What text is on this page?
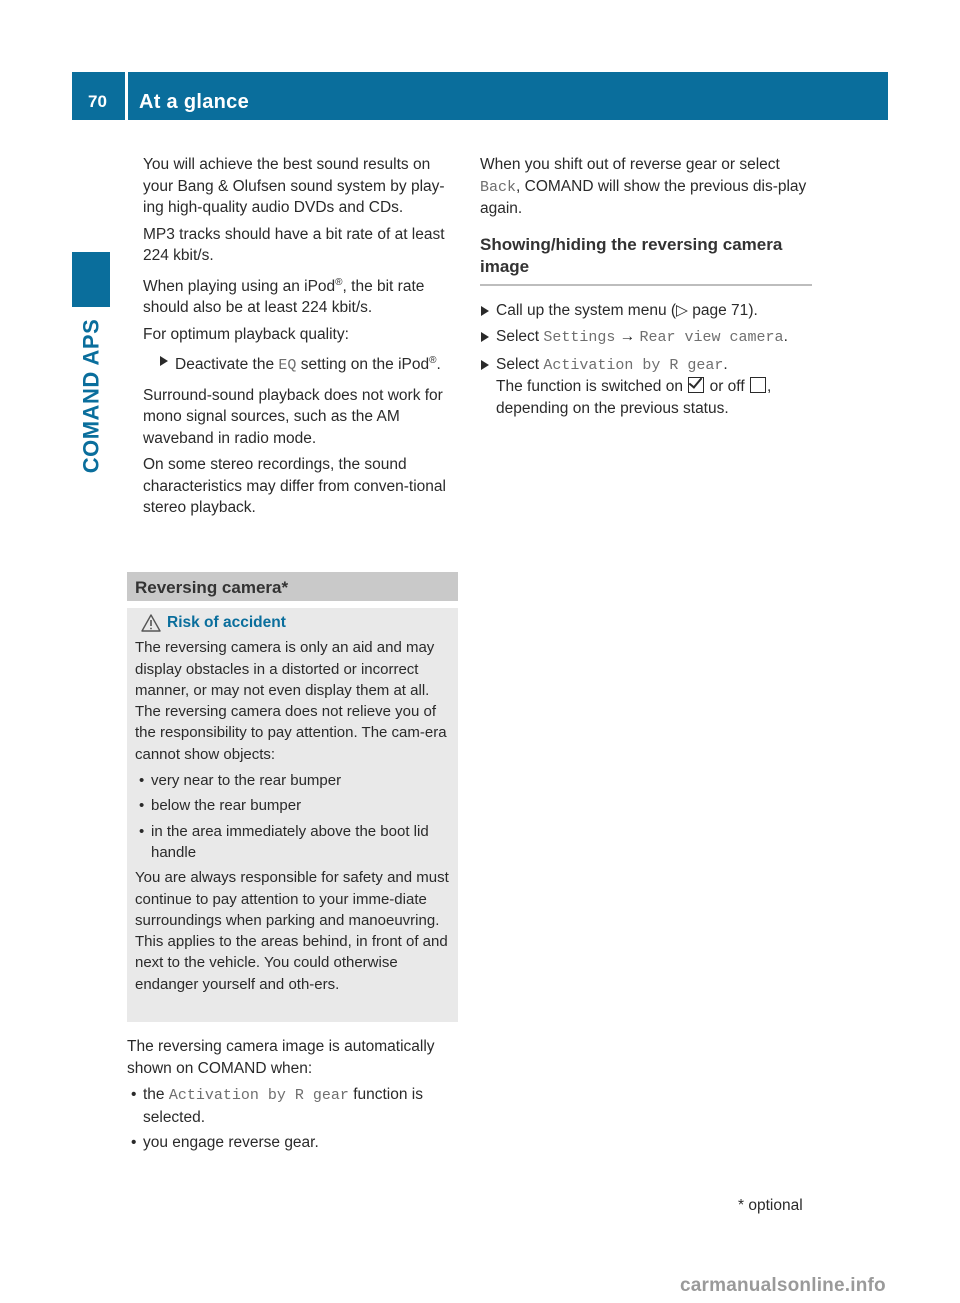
70	At a glance
COMAND APS

You will achieve the best sound results on your Bang & Olufsen sound system by play-ing high-quality audio DVDs and CDs.

MP3 tracks should have a bit rate of at least 224 kbit/s.

When playing using an iPod®, the bit rate should also be at least 224 kbit/s.

For optimum playback quality:

Deactivate the EQ setting on the iPod®.

Surround-sound playback does not work for mono signal sources, such as the AM waveband in radio mode.

On some stereo recordings, the sound characteristics may differ from conven-tional stereo playback.

Reversing camera*
Risk of accident

The reversing camera is only an aid and may display obstacles in a distorted or incorrect manner, or may not even display them at all. The reversing camera does not relieve you of the responsibility to pay attention. The cam-era cannot show objects:

• very near to the rear bumper
• below the rear bumper
• in the area immediately above the boot lid handle

You are always responsible for safety and must continue to pay attention to your imme-diate surroundings when parking and manoeuvring. This applies to the areas behind, in front of and next to the vehicle. You could otherwise endanger yourself and oth-ers.

The reversing camera image is automatically shown on COMAND when:

• the Activation by R gear function is selected.
• you engage reverse gear.

When you shift out of reverse gear or select Back, COMAND will show the previous dis-play again.

Showing/hiding the reversing camera image
Call up the system menu (▷ page 71).
Select Settings → Rear view camera.
Select Activation by R gear.
The function is switched on  or off , depending on the previous status.
* optional
carmanualsonline.info
